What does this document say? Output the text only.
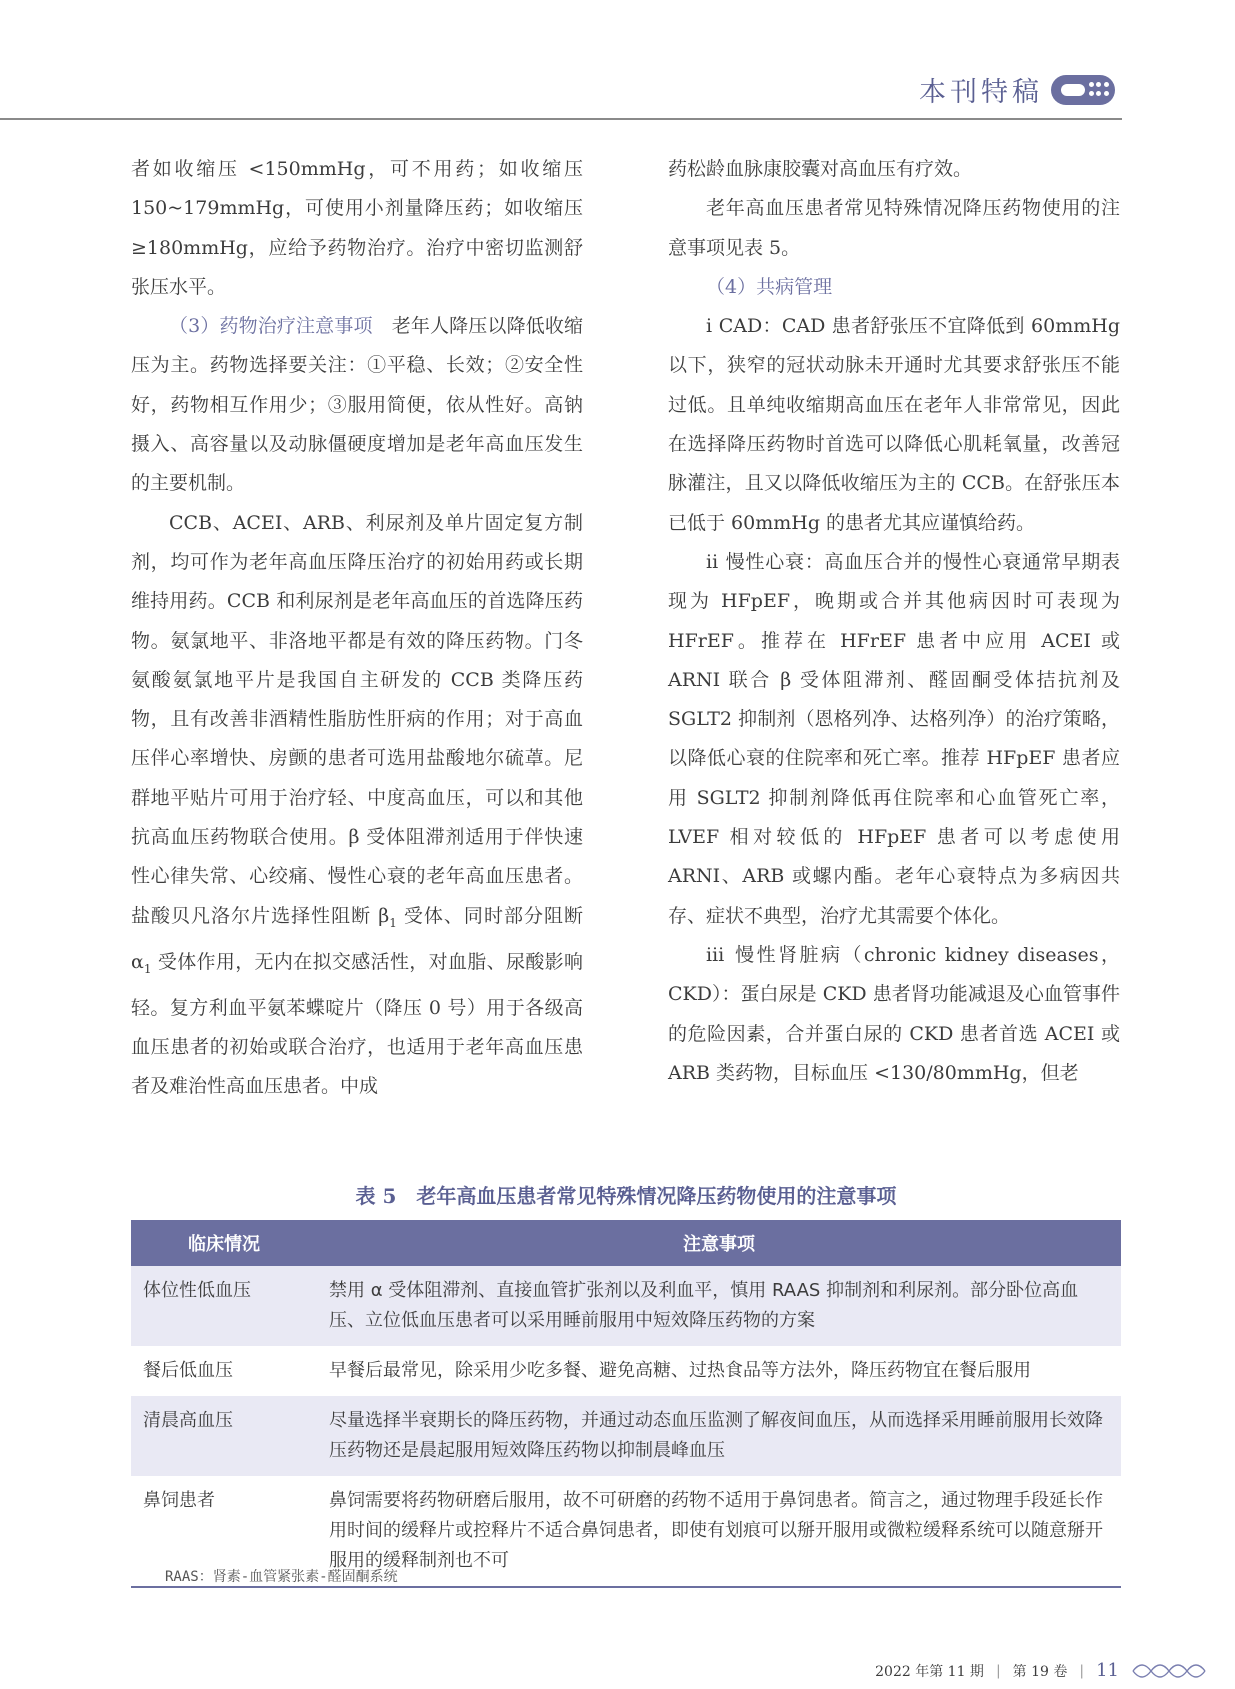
本刊特稿

者如收缩压 <150mmHg，可不用药；如收缩压 150~179mmHg，可使用小剂量降压药；如收缩压≥180mmHg，应给予药物治疗。治疗中密切监测舒张压水平。

（3）药物治疗注意事项　 老年人降压以降低收缩压为主。药物选择要关注：①平稳、长效；②安全性好，药物相互作用少；③服用简便，依从性好。高钠摄入、高容量以及动脉僵硬度增加是老年高血压发生的主要机制。

CCB、ACEI、ARB、利尿剂及单片固定复方制剂，均可作为老年高血压降压治疗的初始用药或长期维持用药。CCB 和利尿剂是老年高血压的首选降压药物。氨氯地平、非洛地平都是有效的降压药物。门冬氨酸氨氯地平片是我国自主研发的 CCB 类降压药物，且有改善非酒精性脂肪性肝病的作用；对于高血压伴心率增快、房颤的患者可选用盐酸地尔硫䓬。尼群地平贴片可用于治疗轻、中度高血压，可以和其他抗高血压药物联合使用。β 受体阻滞剂适用于伴快速性心律失常、心绞痛、慢性心衰的老年高血压患者。盐酸贝凡洛尔片选择性阻断 $\beta_1$ 受体、同时部分阻断 $\alpha_1$ 受体作用，无内在拟交感活性，对血脂、尿酸影响轻。复方利血平氨苯蝶啶片（降压 0 号）用于各级高血压患者的初始或联合治疗，也适用于老年高血压患者及难治性高血压患者。中成

药松龄血脉康胶囊对高血压有疗效。

老年高血压患者常见特殊情况降压药物使用的注意事项见表 5。

（4）共病管理

ⅰ CAD：CAD 患者舒张压不宜降低到 60mmHg 以下，狭窄的冠状动脉未开通时尤其要求舒张压不能过低。且单纯收缩期高血压在老年人非常常见，因此在选择降压药物时首选可以降低心肌耗氧量，改善冠脉灌注，且又以降低收缩压为主的 CCB。在舒张压本已低于 60mmHg 的患者尤其应谨慎给药。

ⅱ 慢性心衰：高血压合并的慢性心衰通常早期表现为 HFpEF，晚期或合并其他病因时可表现为 HFrEF。推荐在 HFrEF 患者中应用 ACEI 或 ARNI 联合 β 受体阻滞剂、醛固酮受体拮抗剂及 SGLT2 抑制剂（恩格列净、达格列净）的治疗策略，以降低心衰的住院率和死亡率。推荐 HFpEF 患者应用 SGLT2 抑制剂降低再住院率和心血管死亡率，LVEF 相对较低的 HFpEF 患者可以考虑使用 ARNI、ARB 或螺内酯。老年心衰特点为多病因共存、症状不典型，治疗尤其需要个体化。

ⅲ 慢性肾脏病（chronic kidney diseases，CKD）：蛋白尿是 CKD 患者肾功能减退及心血管事件的危险因素，合并蛋白尿的 CKD 患者首选 ACEI 或 ARB 类药物，目标血压 <130/80mmHg，但老

表 5　老年高血压患者常见特殊情况降压药物使用的注意事项
临床情况	注意事项
体位性低血压	禁用 α 受体阻滞剂、直接血管扩张剂以及利血平，慎用 RAAS 抑制剂和利尿剂。部分卧位高血压、立位低血压患者可以采用睡前服用中短效降压药物的方案
餐后低血压	早餐后最常见，除采用少吃多餐、避免高糖、过热食品等方法外，降压药物宜在餐后服用
清晨高血压	尽量选择半衰期长的降压药物，并通过动态血压监测了解夜间血压，从而选择采用睡前服用长效降压药物还是晨起服用短效降压药物以抑制晨峰血压
鼻饲患者	鼻饲需要将药物研磨后服用，故不可研磨的药物不适用于鼻饲患者。简言之，通过物理手段延长作用时间的缓释片或控释片不适合鼻饲患者，即使有划痕可以掰开服用或微粒缓释系统可以随意掰开服用的缓释制剂也不可
RAAS：肾素-血管紧张素-醛固酮系统
2022 年第 11 期 | 第 19 卷 | 11
